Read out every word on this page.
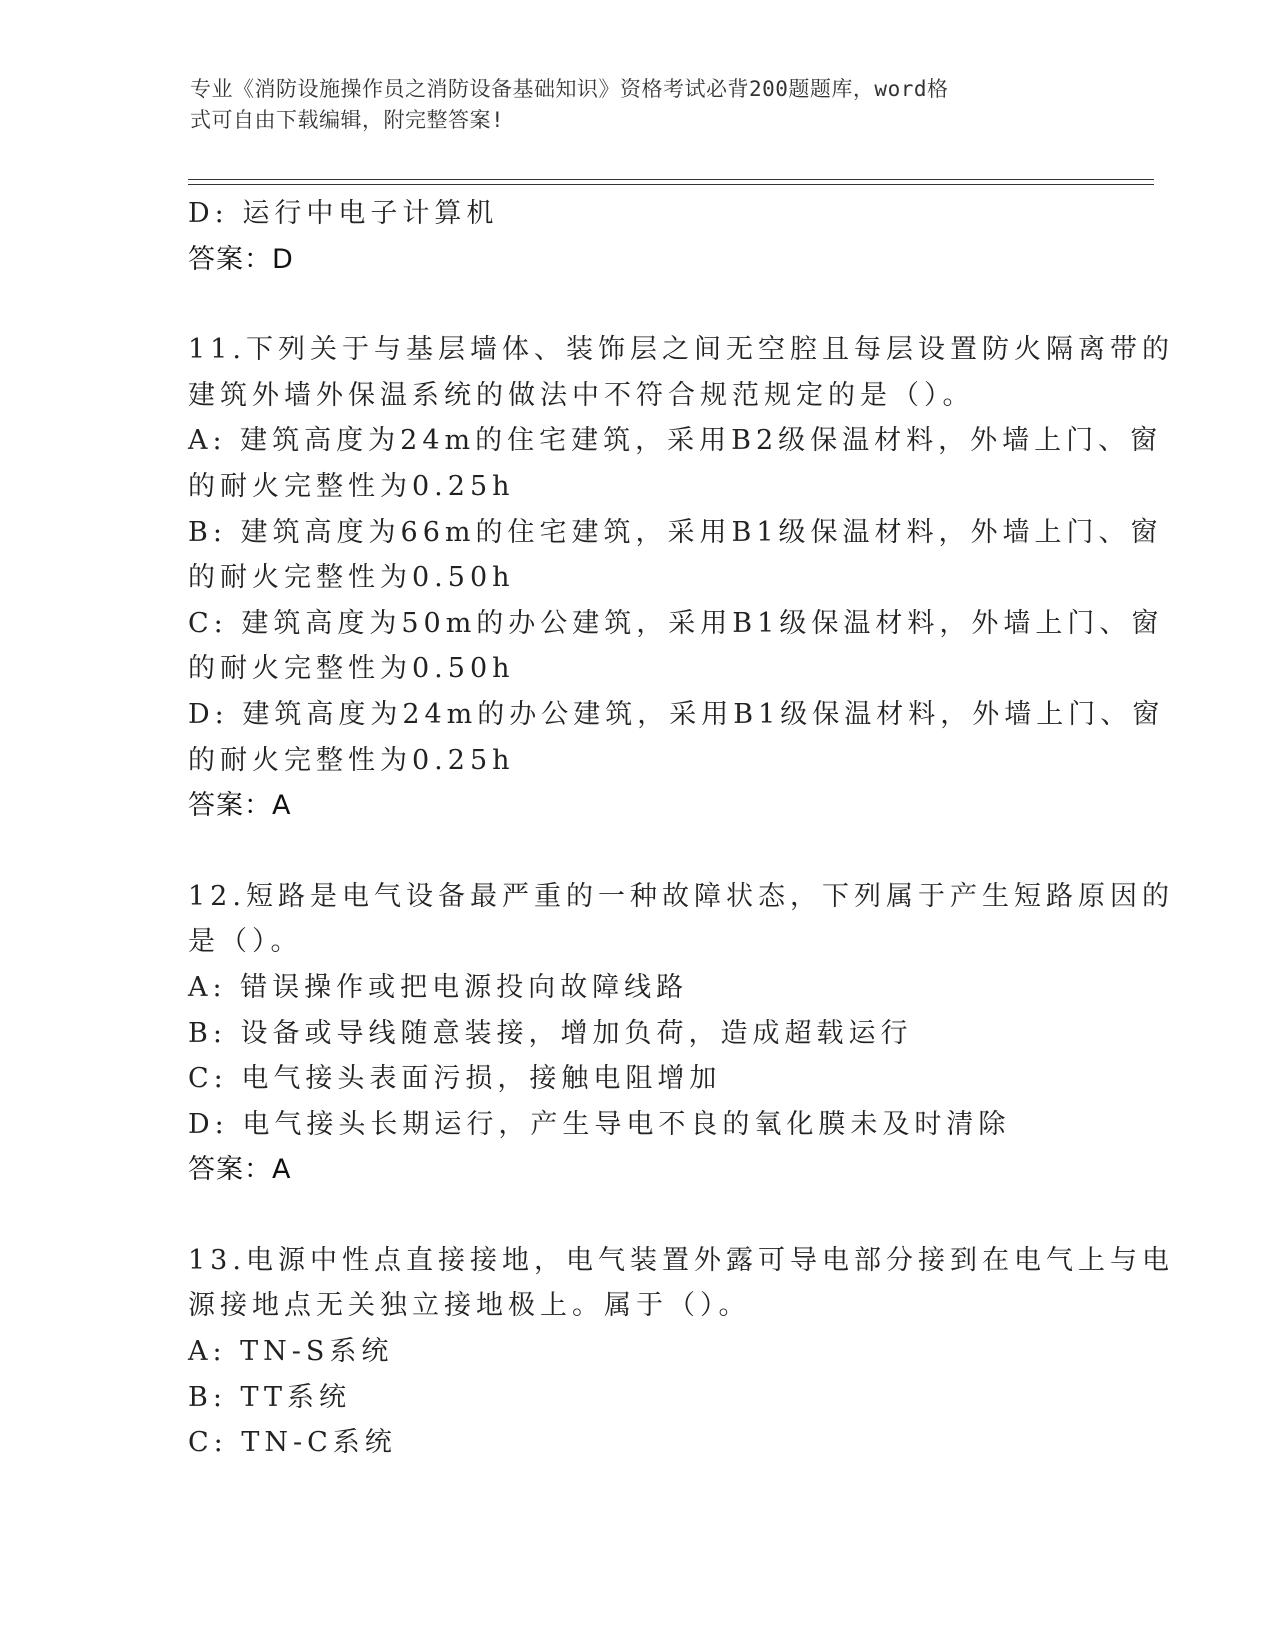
专业《消防设施操作员之消防设备基础知识》资格考试必背200题题库，word格
式可自由下载编辑，附完整答案!

D: 运行中电子计算机

答案：D

11.下列关于与基层墙体、装饰层之间无空腔且每层设置防火隔离带的

建筑外墙外保温系统的做法中不符合规范规定的是（）。

A: 建筑高度为24m的住宅建筑，采用B2级保温材料，外墙上门、窗

的耐火完整性为0.25h

B: 建筑高度为66m的住宅建筑，采用B1级保温材料，外墙上门、窗

的耐火完整性为0.50h

C: 建筑高度为50m的办公建筑，采用B1级保温材料，外墙上门、窗

的耐火完整性为0.50h

D: 建筑高度为24m的办公建筑，采用B1级保温材料，外墙上门、窗

的耐火完整性为0.25h

答案：A

12.短路是电气设备最严重的一种故障状态，下列属于产生短路原因的

是（）。

A: 错误操作或把电源投向故障线路

B: 设备或导线随意装接，增加负荷，造成超载运行

C: 电气接头表面污损，接触电阻增加

D: 电气接头长期运行，产生导电不良的氧化膜未及时清除

答案：A

13.电源中性点直接接地，电气装置外露可导电部分接到在电气上与电

源接地点无关独立接地极上。属于（）。

A: TN-S系统

B: TT系统

C: TN-C系统
